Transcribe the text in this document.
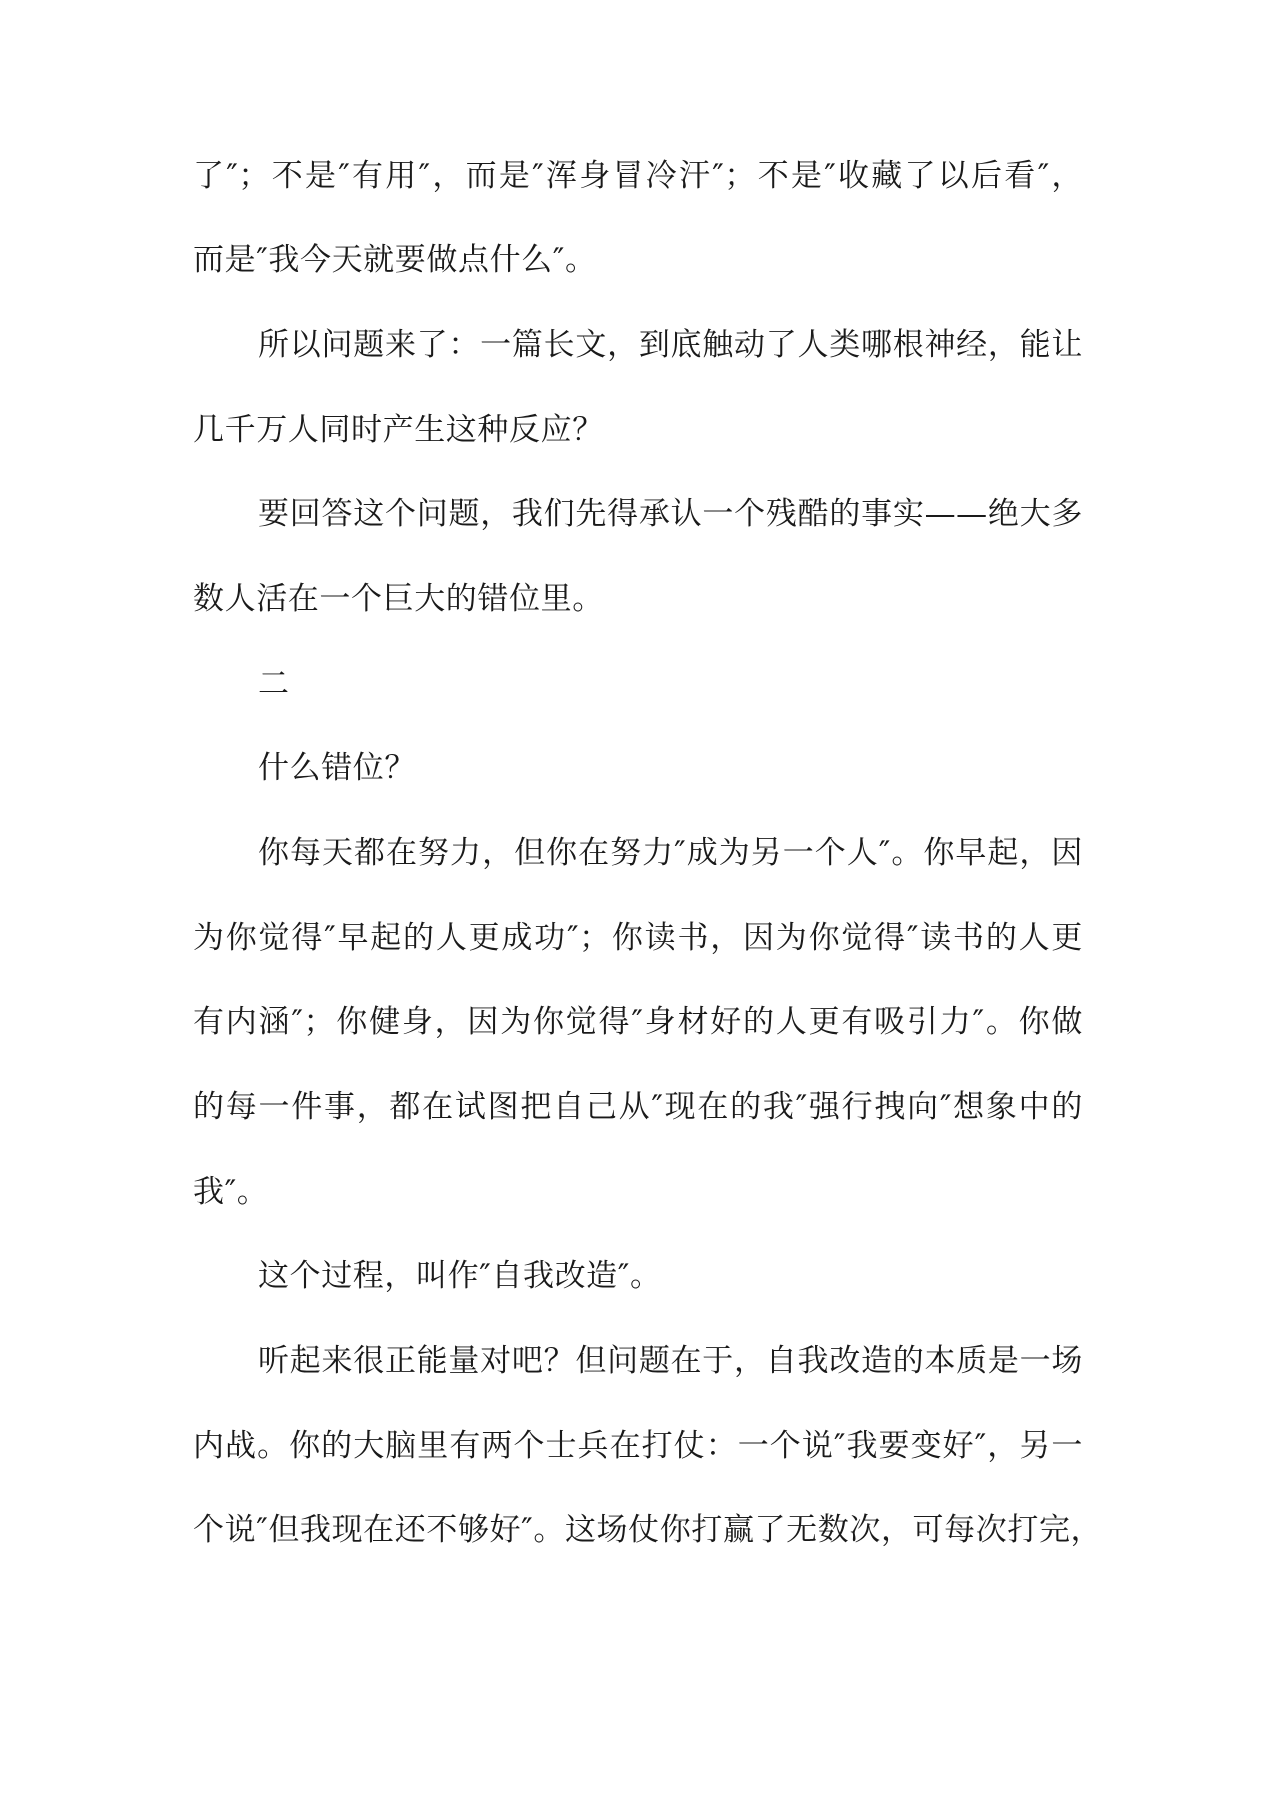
了″；不是″有用″，而是″浑身冒冷汗″；不是″收藏了以后看″，
而是″我今天就要做点什么″。
所以问题来了：一篇长文，到底触动了人类哪根神经，能让
几千万人同时产生这种反应？
要回答这个问题，我们先得承认一个残酷的事实——绝大多
数人活在一个巨大的错位里。
二
什么错位？
你每天都在努力，但你在努力″成为另一个人″。你早起，因
为你觉得″早起的人更成功″；你读书，因为你觉得″读书的人更
有内涵″；你健身，因为你觉得″身材好的人更有吸引力″。你做
的每一件事，都在试图把自己从″现在的我″强行拽向″想象中的
我″。
这个过程，叫作″自我改造″。
听起来很正能量对吧？但问题在于，自我改造的本质是一场
内战。你的大脑里有两个士兵在打仗：一个说″我要变好″，另一
个说″但我现在还不够好″。这场仗你打赢了无数次，可每次打完，
